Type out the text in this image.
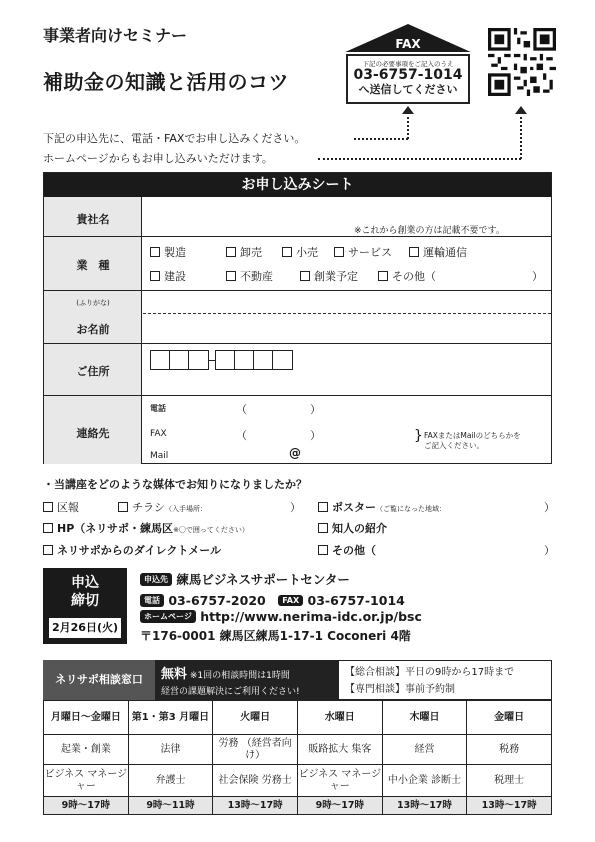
事業者向けセミナー
補助金の知識と活用のコツ
FAX
下記の必要事項をご記入のうえ
03-6757-1014
へ送信してください
下記の申込先に、電話・FAXでお申し込みください。
ホームページからもお申し込みいただけます。
お申し込みシート
貴社名
※これから創業の方は記載不要です。
業　種
製造	卸売	小売	サービス	運輸通信
建設	不動産	創業予定	その他（	）
(ふりがな)
お名前
ご住所
連絡先
電話	（	）
FAX	（	）
Mail	@
} FAXまたはMailのどちらかを
ご記入ください。
・当講座をどのような媒体でお知りになりましたか？
区報	チラシ（入手場所：	）	ポスター（ご覧になった地域：	）
HP（ネリサポ・練馬区※〇で囲ってください）	知人の紹介
ネリサポからのダイレクトメール	その他（	）
申込
締切
2月26日(火)
申込先 練馬ビジネスサポートセンター
電話 03-6757-2020　 FAX 03-6757-1014
ホームページ http://www.nerima-idc.or.jp/bsc
〒176-0001 練馬区練馬1-17-1 Coconeri 4階
ネリサポ相談窓口	無料 ※1回の相談時間は1時間
経営の課題解決にご利用ください!
【総合相談】平日の9時から17時まで
【専門相談】事前予約制
月曜日〜金曜日	第1・第3 月曜日	火曜日	水曜日	木曜日	金曜日
起業・創業	法律	労務 （経営者向け）	販路拡大 集客	経営	税務
ビジネス マネージャー	弁護士	社会保険 労務士	ビジネス マネージャー	中小企業 診断士	税理士
9時〜17時	9時〜11時	13時〜17時	9時〜17時	13時〜17時	13時〜17時
